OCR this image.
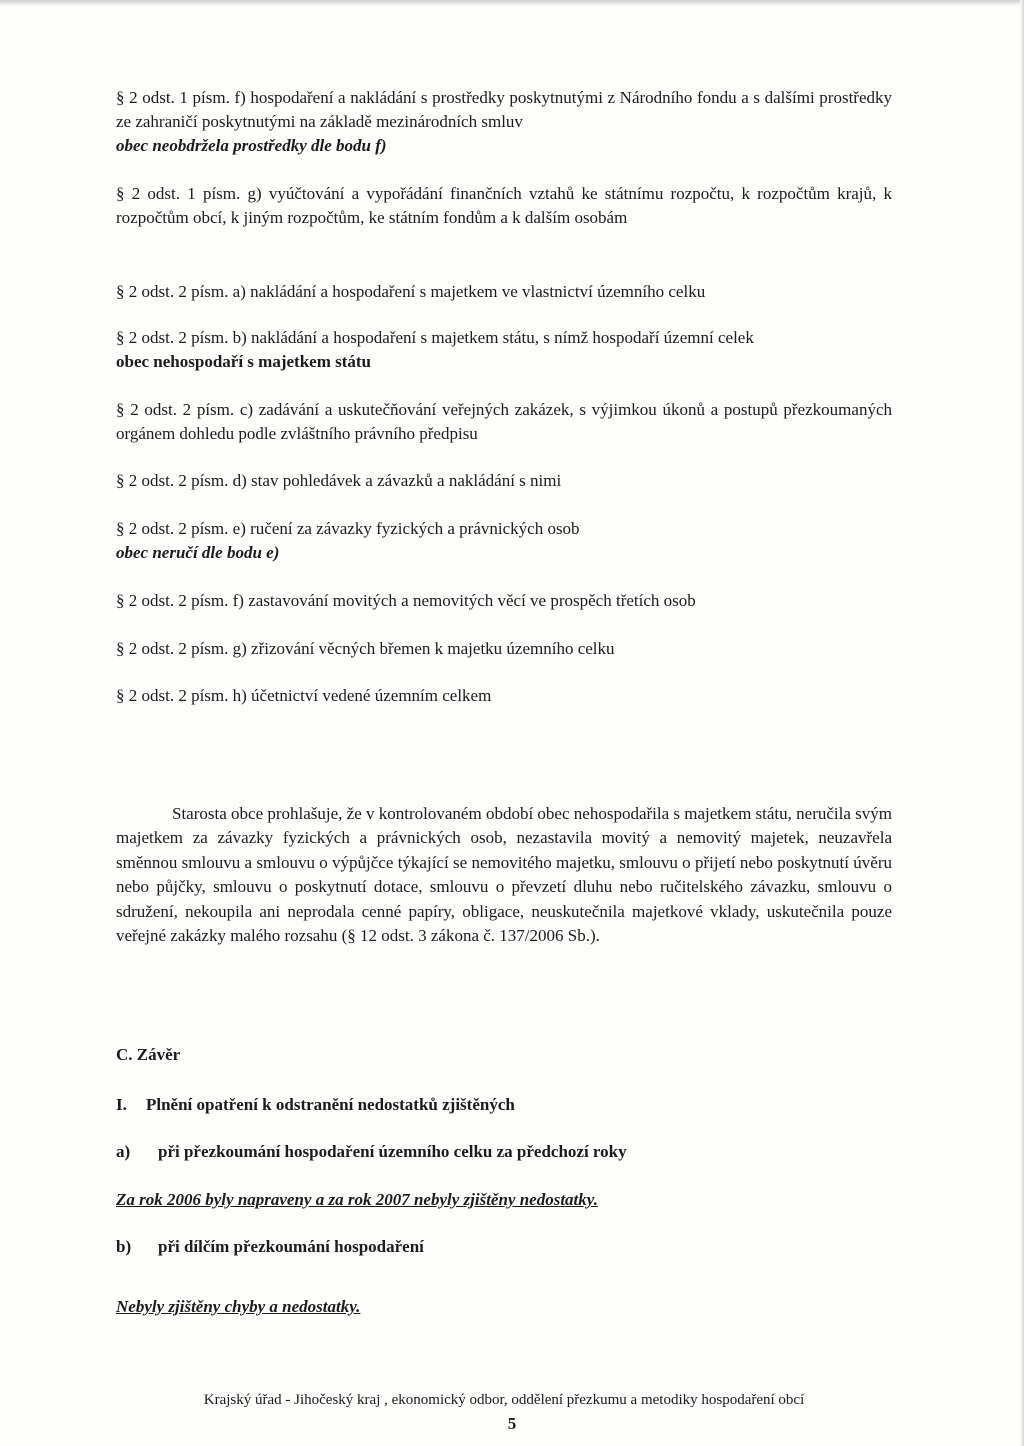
§ 2 odst. 1 písm. f) hospodaření a nakládání s prostředky poskytnutými z Národního fondu a s dalšími prostředky ze zahraničí poskytnutými na základě mezinárodních smluv

obec neobdržela prostředky dle bodu f)

§ 2 odst. 1 písm. g) vyúčtování a vypořádání finančních vztahů ke státnímu rozpočtu, k rozpočtům krajů, k rozpočtům obcí, k jiným rozpočtům, ke státním fondům a k dalším osobám

§ 2 odst. 2 písm. a) nakládání a hospodaření s majetkem ve vlastnictví územního celku

§ 2 odst. 2 písm. b) nakládání a hospodaření s majetkem státu, s nímž hospodaří územní celek

obec nehospodaří s majetkem státu

§ 2 odst. 2 písm. c) zadávání a uskutečňování veřejných zakázek, s výjimkou úkonů a postupů přezkoumaných orgánem dohledu podle zvláštního právního předpisu

§ 2 odst. 2 písm. d) stav pohledávek a závazků a nakládání s nimi

§ 2 odst. 2 písm. e) ručení za závazky fyzických a právnických osob

obec neručí dle bodu e)

§ 2 odst. 2 písm. f) zastavování movitých a nemovitých věcí ve prospěch třetích osob

§ 2 odst. 2 písm. g) zřizování věcných břemen k majetku územního celku

§ 2 odst. 2 písm. h) účetnictví vedené územním celkem

Starosta obce prohlašuje, že v kontrolovaném období obec nehospodařila s majetkem státu, neručila svým majetkem za závazky fyzických a právnických osob, nezastavila movitý a nemovitý majetek, neuzavřela směnnou smlouvu a smlouvu o výpůjčce týkající se nemovitého majetku, smlouvu o přijetí nebo poskytnutí úvěru nebo půjčky, smlouvu o poskytnutí dotace, smlouvu o převzetí dluhu nebo ručitelského závazku, smlouvu o sdružení, nekoupila ani neprodala cenné papíry, obligace, neuskutečnila majetkové vklady, uskutečnila pouze veřejné zakázky malého rozsahu (§ 12 odst. 3 zákona č. 137/2006 Sb.).
C. Závěr
I. Plnění opatření k odstranění nedostatků zjištěných
a) při přezkoumání hospodaření územního celku za předchozí roky
Za rok 2006 byly napraveny a za rok 2007 nebyly zjištěny nedostatky.
b) při dílčím přezkoumání hospodaření
Nebyly zjištěny chyby a nedostatky.
Krajský úřad - Jihočeský kraj , ekonomický odbor, oddělení přezkumu a metodiky hospodaření obcí
5
